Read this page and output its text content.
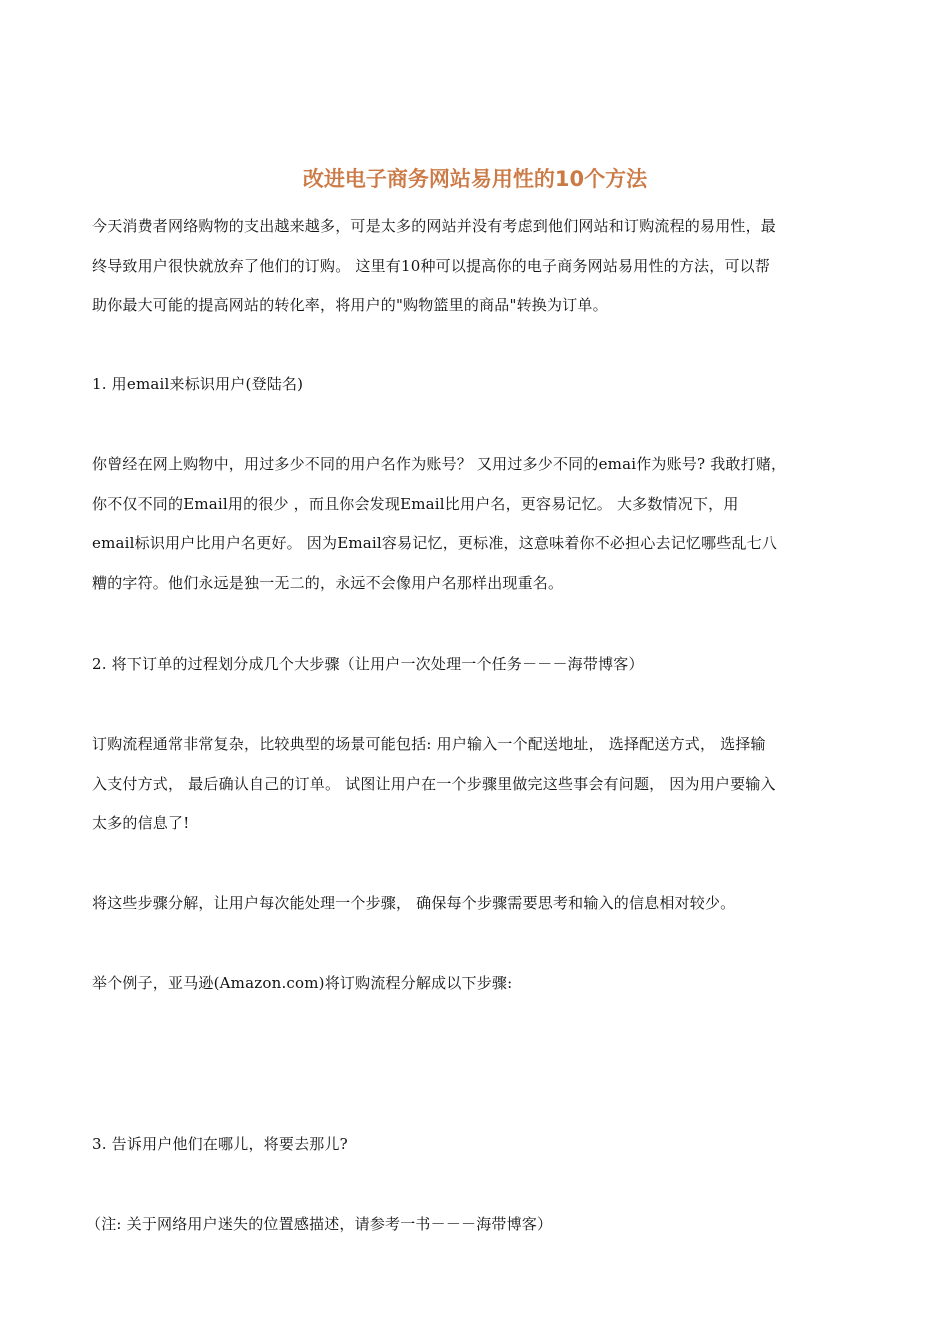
改进电子商务网站易用性的10个方法
今天消费者网络购物的支出越来越多，可是太多的网站并没有考虑到他们网站和订购流程的易用性，最
终导致用户很快就放弃了他们的订购。 这里有10种可以提高你的电子商务网站易用性的方法，可以帮
助你最大可能的提高网站的转化率，将用户的"购物篮里的商品"转换为订单。
1. 用email来标识用户(登陆名)
你曾经在网上购物中，用过多少不同的用户名作为账号？ 又用过多少不同的emai作为账号? 我敢打赌，
你不仅不同的Email用的很少 ，而且你会发现Email比用户名，更容易记忆。 大多数情况下，用
email标识用户比用户名更好。 因为Email容易记忆，更标准，这意味着你不必担心去记忆哪些乱七八
糟的字符。他们永远是独一无二的，永远不会像用户名那样出现重名。
2. 将下订单的过程划分成几个大步骤（让用户一次处理一个任务－－－海带博客）
订购流程通常非常复杂，比较典型的场景可能包括: 用户输入一个配送地址， 选择配送方式， 选择输
入支付方式， 最后确认自己的订单。 试图让用户在一个步骤里做完这些事会有问题， 因为用户要输入
太多的信息了!
将这些步骤分解，让用户每次能处理一个步骤， 确保每个步骤需要思考和输入的信息相对较少。
举个例子，亚马逊(Amazon.com)将订购流程分解成以下步骤:
3. 告诉用户他们在哪儿，将要去那儿?
（注: 关于网络用户迷失的位置感描述，请参考一书－－－海带博客）
